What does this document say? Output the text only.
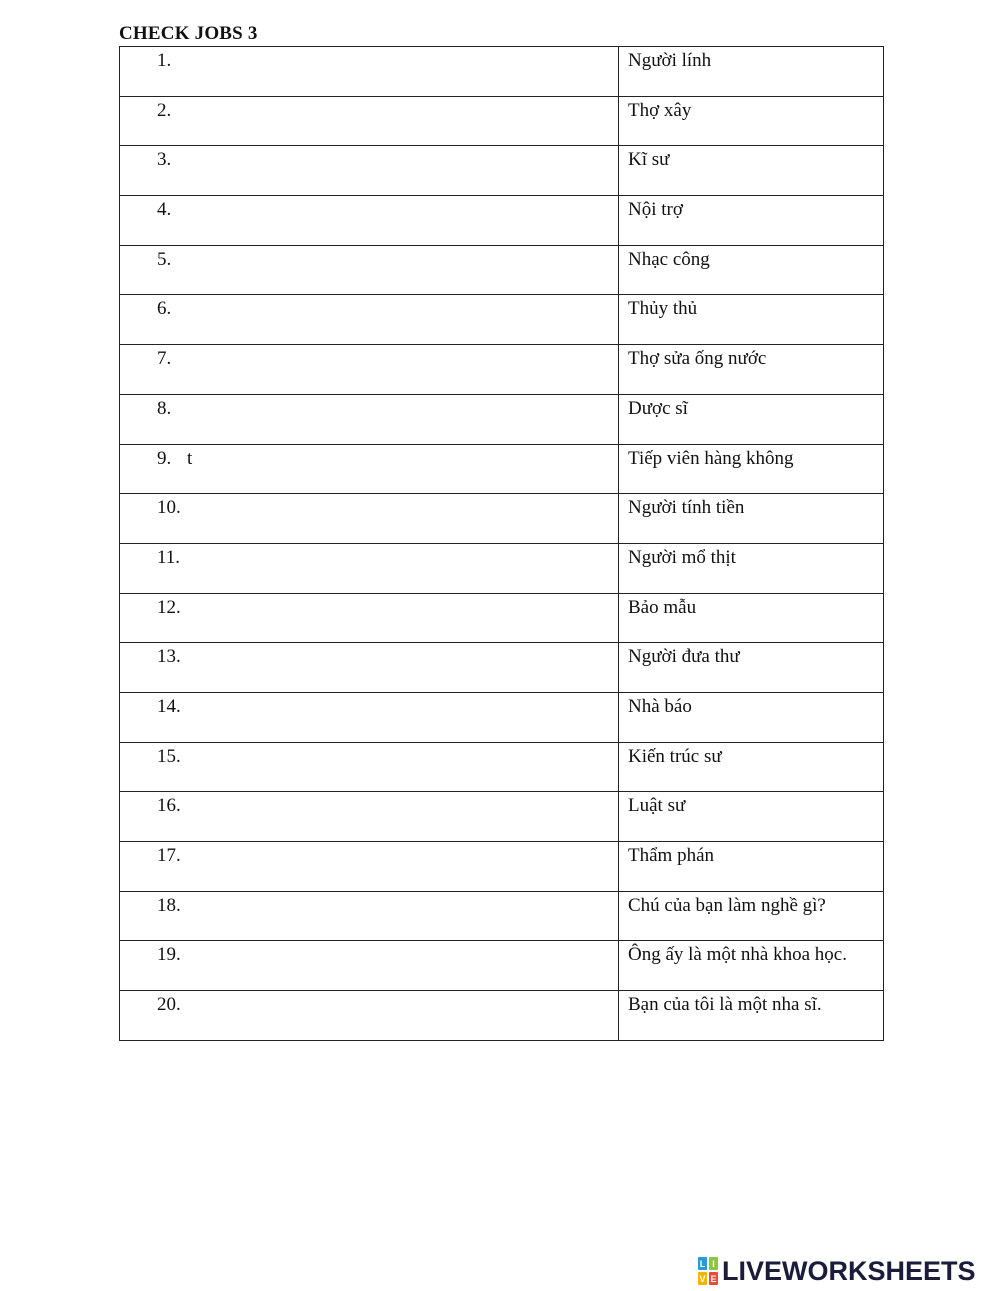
CHECK JOBS 3
1.	Người lính

2.	Thợ xây

3.	Kĩ sư

4.	Nội trợ

5.	Nhạc công

6.	Thủy thủ

7.	Thợ sửa ống nước

8.	Dược sĩ

9. t	Tiếp viên hàng không

10.	Người tính tiền

11.	Người mổ thịt

12.	Bảo mẫu

13.	Người đưa thư

14.	Nhà báo

15.	Kiến trúc sư

16.	Luật sư

17.	Thẩm phán

18.	Chú của bạn làm nghề gì?

19.	Ông ấy là một nhà khoa học.

20.	Bạn của tôi là một nha sĩ.
L I
V E LIVEWORKSHEETS
